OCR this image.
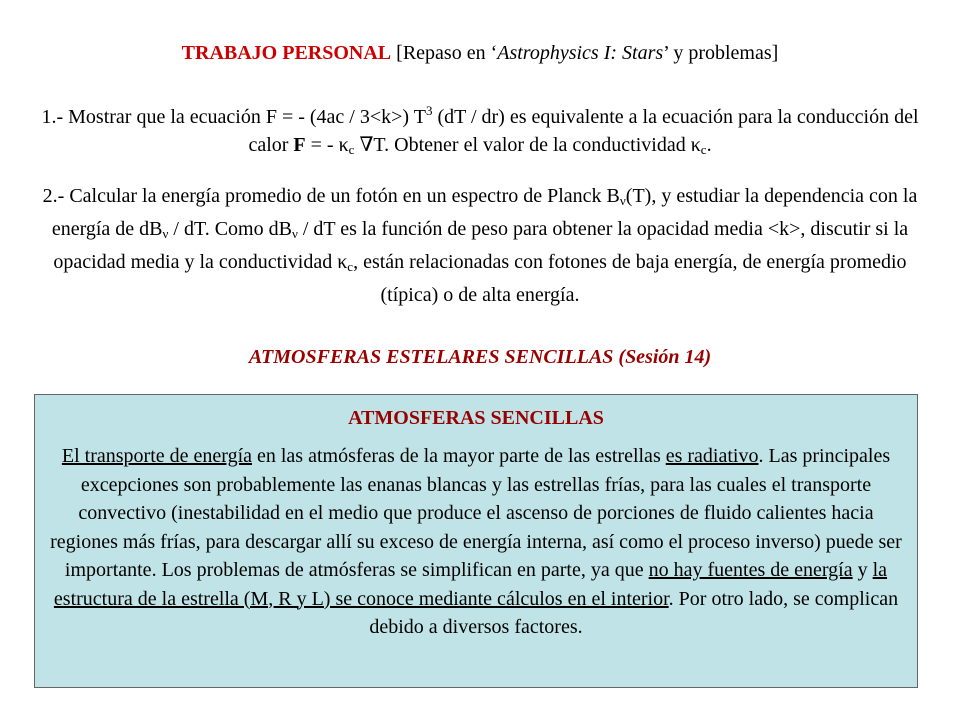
TRABAJO PERSONAL [Repaso en ‘Astrophysics I: Stars’ y problemas]
1.- Mostrar que la ecuación F = - (4ac / 3<k>) $T^3$ (dT / dr) es equivalente a la ecuación para la conducción del calor F = - $\kappa_c$ ∇T. Obtener el valor de la conductividad $\kappa_c$.
2.- Calcular la energía promedio de un fotón en un espectro de Planck $B_\nu(T)$, y estudiar la dependencia con la energía de $dB_\nu$ / dT. Como $dB_\nu$ / dT es la función de peso para obtener la opacidad media <k>, discutir si la opacidad media y la conductividad $\kappa_c$, están relacionadas con fotones de baja energía, de energía promedio (típica) o de alta energía.
ATMOSFERAS ESTELARES SENCILLAS (Sesión 14)
ATMOSFERAS SENCILLAS
El transporte de energía en las atmósferas de la mayor parte de las estrellas es radiativo. Las principales excepciones son probablemente las enanas blancas y las estrellas frías, para las cuales el transporte convectivo (inestabilidad en el medio que produce el ascenso de porciones de fluido calientes hacia regiones más frías, para descargar allí su exceso de energía interna, así como el proceso inverso) puede ser importante. Los problemas de atmósferas se simplifican en parte, ya que no hay fuentes de energía y la estructura de la estrella (M, R y L) se conoce mediante cálculos en el interior. Por otro lado, se complican debido a diversos factores.
